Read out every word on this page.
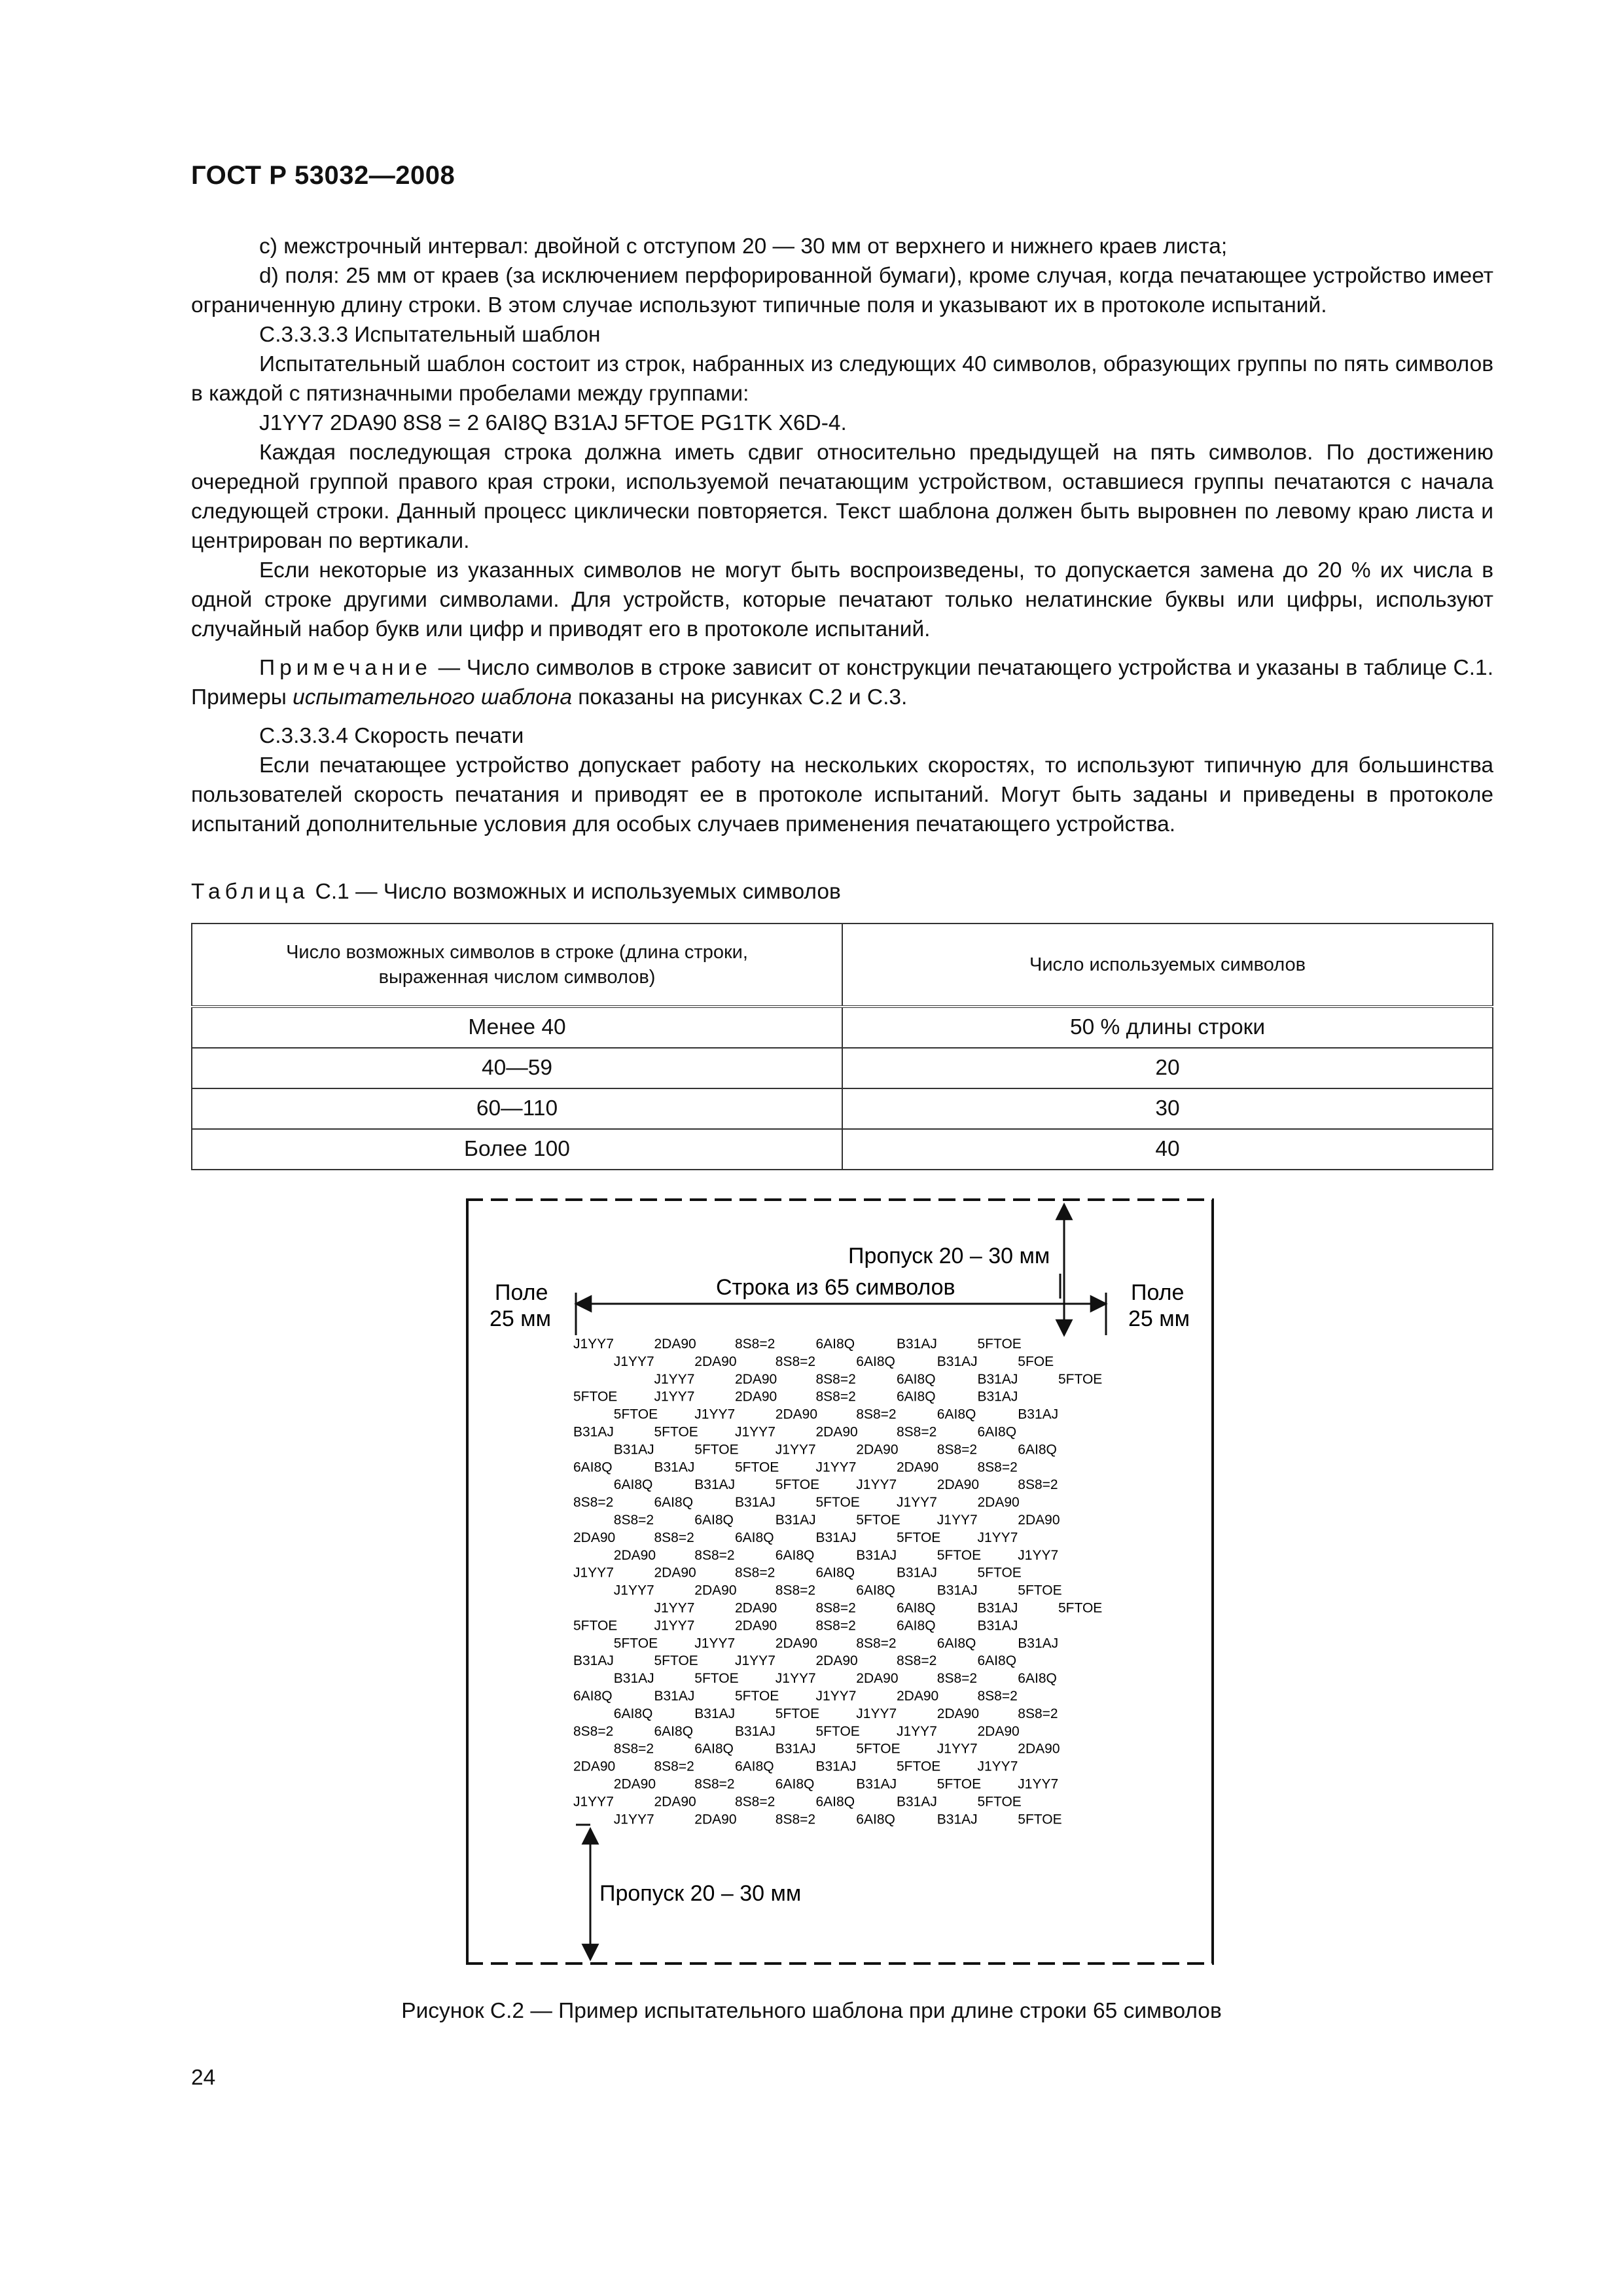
ГОСТ Р 53032—2008

c) межстрочный интервал: двойной с отступом 20 — 30 мм от верхнего и нижнего краев листа;

d) поля: 25 мм от краев (за исключением перфорированной бумаги), кроме случая, когда печатающее устройство имеет ограниченную длину строки. В этом случае используют типичные поля и указывают их в протоколе испытаний.

С.3.3.3.3 Испытательный шаблон

Испытательный шаблон состоит из строк, набранных из следующих 40 символов, образующих группы по пять символов в каждой с пятизначными пробелами между группами:

J1YY7 2DA90 8S8 = 2 6AI8Q B31AJ 5FTOE PG1TK X6D-4.

Каждая последующая строка должна иметь сдвиг относительно предыдущей на пять символов. По достижению очередной группой правого края строки, используемой печатающим устройством, оставшиеся группы печатаются с начала следующей строки. Данный процесс циклически повторяется. Текст шаблона должен быть выровнен по левому краю листа и центрирован по вертикали.

Если некоторые из указанных символов не могут быть воспроизведены, то допускается замена до 20 % их числа в одной строке другими символами. Для устройств, которые печатают только нелатинские буквы или цифры, используют случайный набор букв или цифр и приводят его в протоколе испытаний.

Примечание — Число символов в строке зависит от конструкции печатающего устройства и указаны в таблице С.1. Примеры испытательного шаблона показаны на рисунках С.2 и С.3.

С.3.3.3.4 Скорость печати

Если печатающее устройство допускает работу на нескольких скоростях, то используют типичную для большинства пользователей скорость печатания и приводят ее в протоколе испытаний. Могут быть заданы и приведены в протоколе испытаний дополнительные условия для особых случаев применения печатающего устройства.

Таблица С.1 — Число возможных и используемых символов
Число возможных символов в строке (длина строки, выраженная числом символов)	Число используемых символов
Менее 40	50 % длины строки
40—59	20
60—110	30
Более 100	40
Пропуск 20 – 30 мм
Строка из 65 символов
Поле
25 мм
Поле
25 мм
J1YY7	2DA90	8S8=2	6AI8Q	B31AJ	5FTOE
J1YY7	2DA90	8S8=2	6AI8Q	B31AJ	5FOE
J1YY7	2DA90	8S8=2	6AI8Q	B31AJ	5FTOE
5FTOE	J1YY7	2DA90	8S8=2	6AI8Q	B31AJ
5FTOE	J1YY7	2DA90	8S8=2	6AI8Q	B31AJ
B31AJ	5FTOE	J1YY7	2DA90	8S8=2	6AI8Q
B31AJ	5FTOE	J1YY7	2DA90	8S8=2	6AI8Q
6AI8Q	B31AJ	5FTOE	J1YY7	2DA90	8S8=2
6AI8Q	B31AJ	5FTOE	J1YY7	2DA90	8S8=2
8S8=2	6AI8Q	B31AJ	5FTOE	J1YY7	2DA90
8S8=2	6AI8Q	B31AJ	5FTOE	J1YY7	2DA90
2DA90	8S8=2	6AI8Q	B31AJ	5FTOE	J1YY7
2DA90	8S8=2	6AI8Q	B31AJ	5FTOE	J1YY7
J1YY7	2DA90	8S8=2	6AI8Q	B31AJ	5FTOE
J1YY7	2DA90	8S8=2	6AI8Q	B31AJ	5FTOE
J1YY7	2DA90	8S8=2	6AI8Q	B31AJ	5FTOE
5FTOE	J1YY7	2DA90	8S8=2	6AI8Q	B31AJ
5FTOE	J1YY7	2DA90	8S8=2	6AI8Q	B31AJ
B31AJ	5FTOE	J1YY7	2DA90	8S8=2	6AI8Q
B31AJ	5FTOE	J1YY7	2DA90	8S8=2	6AI8Q
6AI8Q	B31AJ	5FTOE	J1YY7	2DA90	8S8=2
6AI8Q	B31AJ	5FTOE	J1YY7	2DA90	8S8=2
8S8=2	6AI8Q	B31AJ	5FTOE	J1YY7	2DA90
8S8=2	6AI8Q	B31AJ	5FTOE	J1YY7	2DA90
2DA90	8S8=2	6AI8Q	B31AJ	5FTOE	J1YY7
2DA90	8S8=2	6AI8Q	B31AJ	5FTOE	J1YY7
J1YY7	2DA90	8S8=2	6AI8Q	B31AJ	5FTOE
J1YY7	2DA90	8S8=2	6AI8Q	B31AJ	5FTOE
Пропуск 20 – 30 мм
Рисунок С.2 — Пример испытательного шаблона при длине строки 65 символов
24
